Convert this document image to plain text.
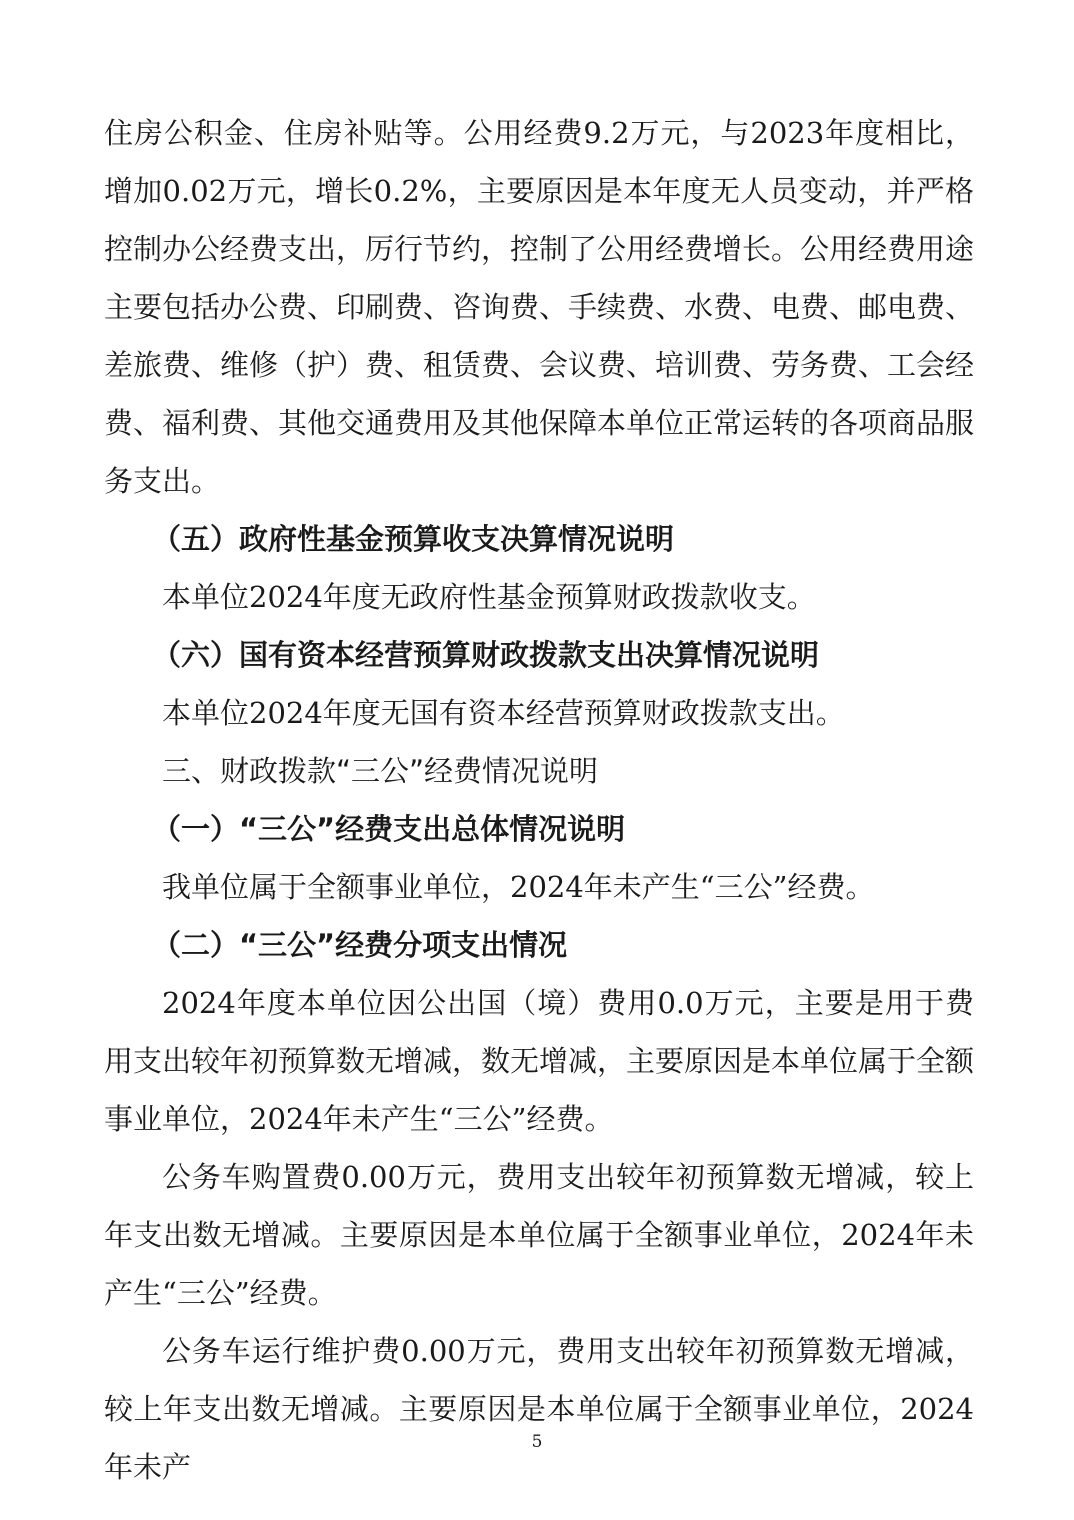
住房公积金、住房补贴等。公用经费9.2万元，与2023年度相比，增加0.02万元，增长0.2%，主要原因是本年度无人员变动，并严格控制办公经费支出，厉行节约，控制了公用经费增长。公用经费用途主要包括办公费、印刷费、咨询费、手续费、水费、电费、邮电费、差旅费、维修（护）费、租赁费、会议费、培训费、劳务费、工会经费、福利费、其他交通费用及其他保障本单位正常运转的各项商品服务支出。

（五）政府性基金预算收支决算情况说明

本单位2024年度无政府性基金预算财政拨款收支。

（六）国有资本经营预算财政拨款支出决算情况说明

本单位2024年度无国有资本经营预算财政拨款支出。

三、财政拨款“三公”经费情况说明

（一）“三公”经费支出总体情况说明

我单位属于全额事业单位，2024年未产生“三公”经费。

（二）“三公”经费分项支出情况

2024年度本单位因公出国（境）费用0.0万元，主要是用于费用支出较年初预算数无增减，数无增减，主要原因是本单位属于全额事业单位，2024年未产生“三公”经费。

公务车购置费0.00万元，费用支出较年初预算数无增减，较上年支出数无增减。主要原因是本单位属于全额事业单位，2024年未产生“三公”经费。

公务车运行维护费0.00万元，费用支出较年初预算数无增减，较上年支出数无增减。主要原因是本单位属于全额事业单位，2024年未产

5
